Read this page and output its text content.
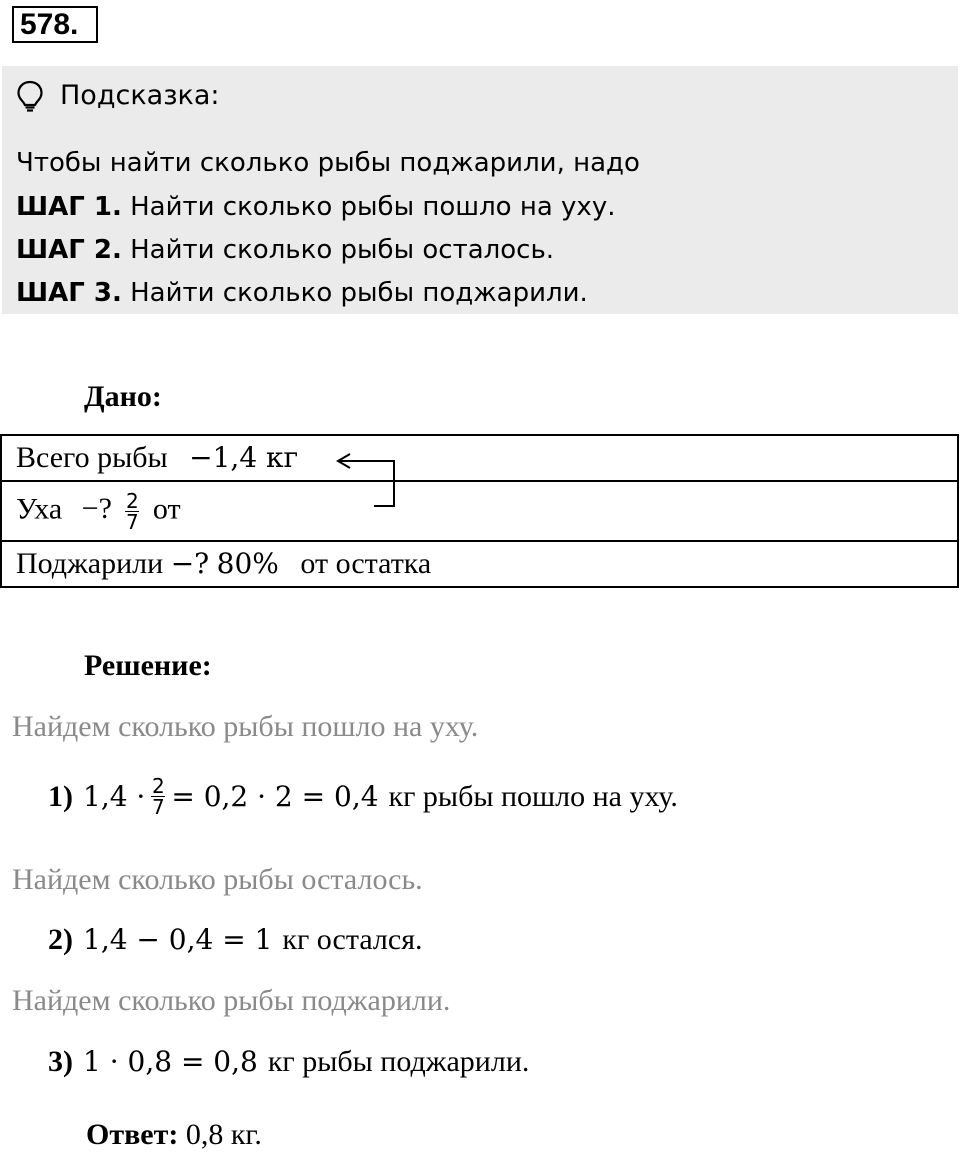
578.
Подсказка:
Чтобы найти сколько рыбы поджарили, надо
ШАГ 1. Найти сколько рыбы пошло на уху.
ШАГ 2. Найти сколько рыбы осталось.
ШАГ 3. Найти сколько рыбы поджарили.
Дано:
Всего рыбы −1,4 кг
Уха −? $\frac{2}{7}$ от
Поджарили −? 80% от остатка
Решение:
Найдем сколько рыбы пошло на уху.
1) $1,4 \cdot \frac{2}{7} = 0,2 \cdot 2 = 0,4$ кг рыбы пошло на уху.
Найдем сколько рыбы осталось.
2) 1,4 − 0,4 = 1 кг остался.
Найдем сколько рыбы поджарили.
3) 1 · 0,8 = 0,8 кг рыбы поджарили.
Ответ: 0,8 кг.
